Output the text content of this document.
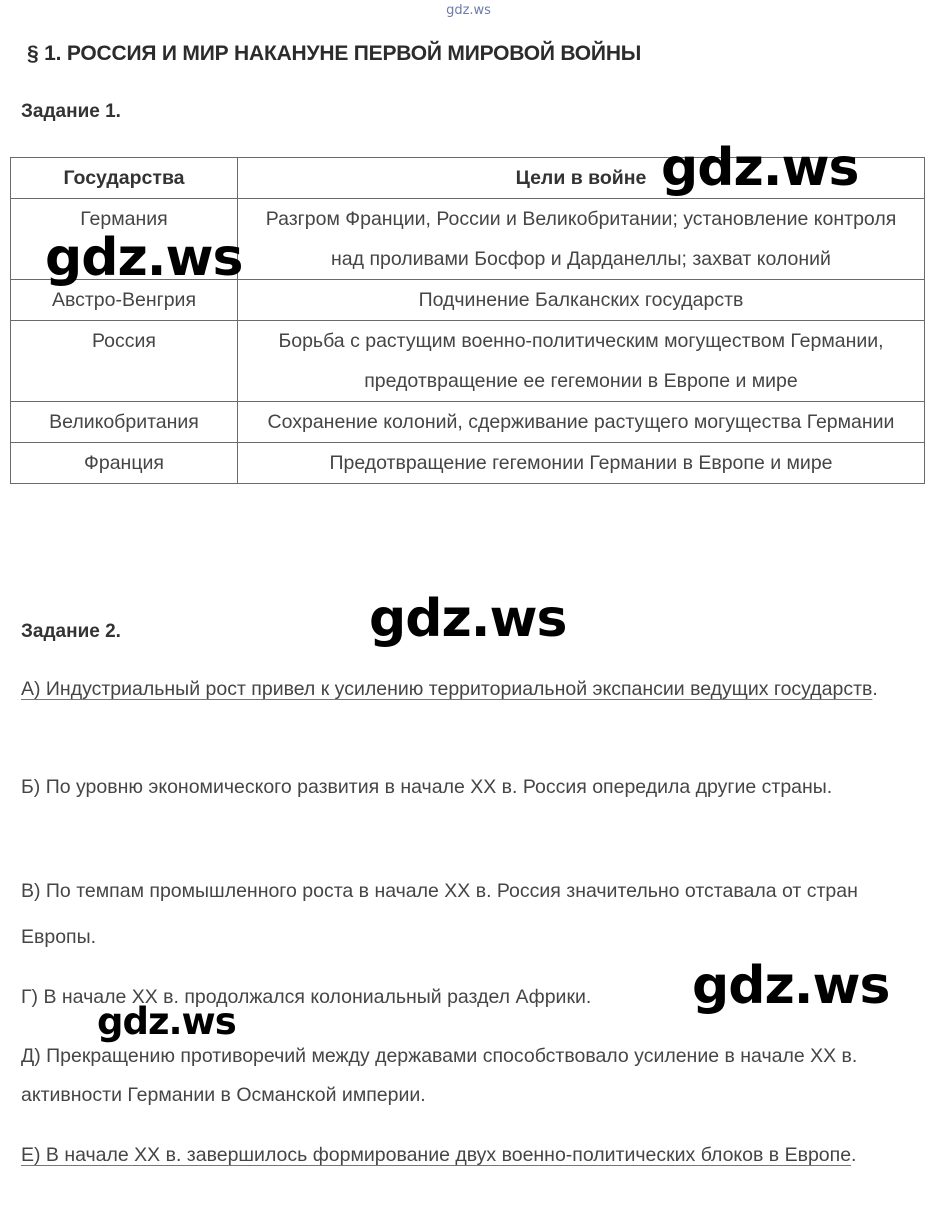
gdz.ws
§ 1. РОССИЯ И МИР НАКАНУНЕ ПЕРВОЙ МИРОВОЙ ВОЙНЫ
Задание 1.
Государства	Цели в войне
Германия	Разгром Франции, России и Великобритании; установление контроля над проливами Босфор и Дарданеллы; захват колоний
Австро-Венгрия	Подчинение Балканских государств
Россия	Борьба с растущим военно-политическим могуществом Германии, предотвращение ее гегемонии в Европе и мире
Великобритания	Сохранение колоний, сдерживание растущего могущества Германии
Франция	Предотвращение гегемонии Германии в Европе и мире
Задание 2.

А) Индустриальный рост привел к усилению территориальной экспансии ведущих государств.

Б) По уровню экономического развития в начале XX в. Россия опередила другие страны.

В) По темпам промышленного роста в начале XX в. Россия значительно отставала от стран Европы.

Г) В начале XX в. продолжался колониальный раздел Африки.

Д) Прекращению противоречий между державами способствовало усиление в начале XX в. активности Германии в Османской империи.

Е) В начале XX в. завершилось формирование двух военно-политических блоков в Европе.

gdz.ws
gdz.ws
gdz.ws
gdz.ws
gdz.ws
